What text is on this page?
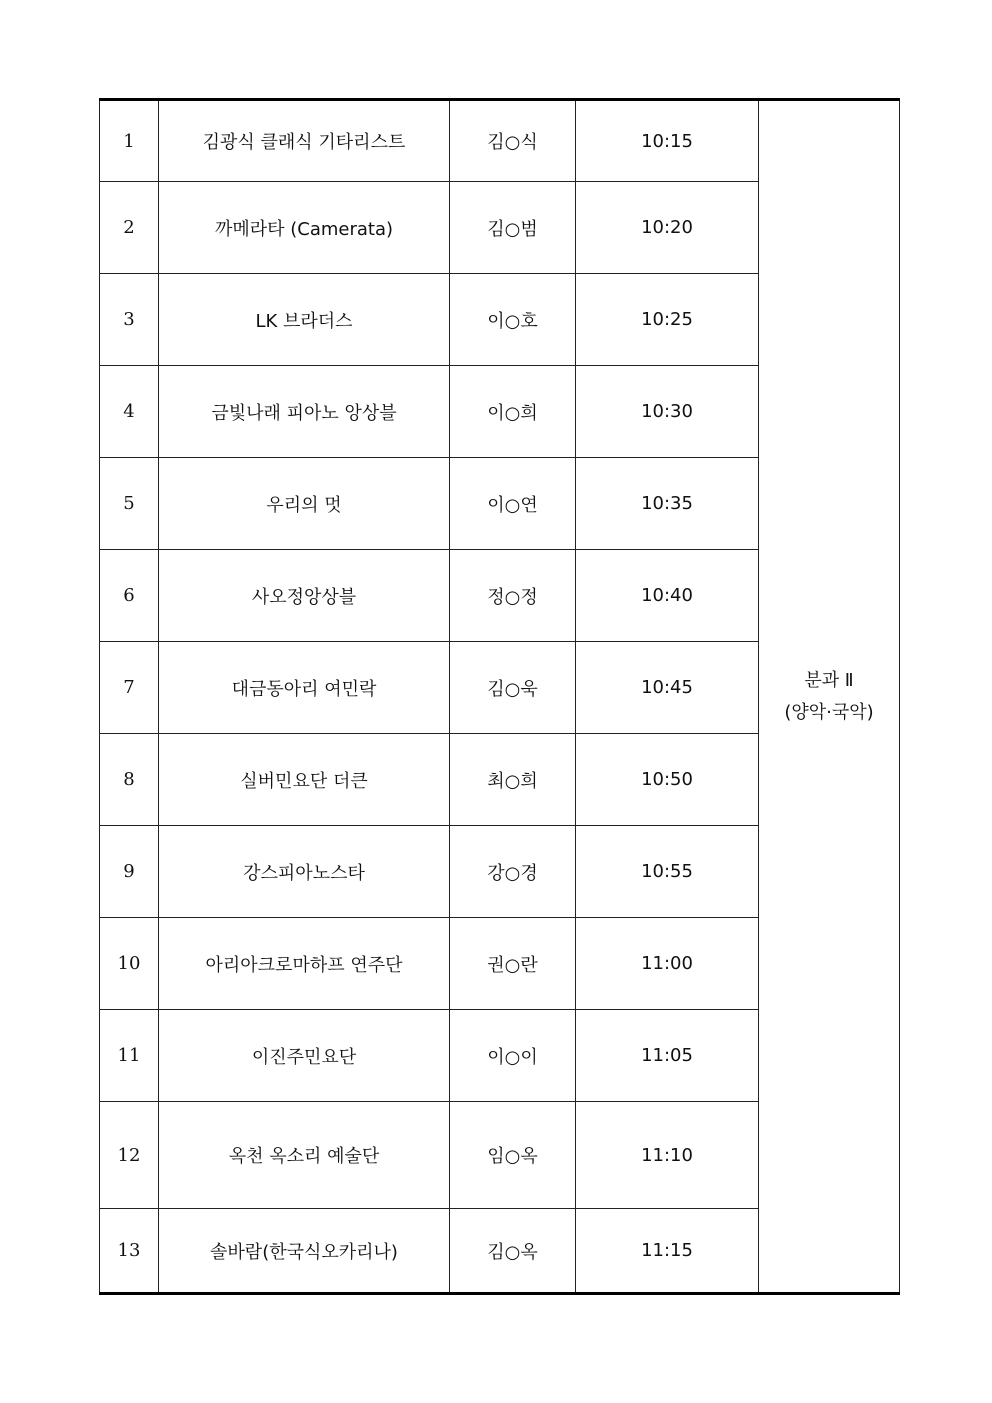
1	김광식 클래식 기타리스트	김○식	10:15	분과 Ⅱ
(양악·국악)

2	까메라타 (Camerata)	김○범	10:20	
3	LK 브라더스	이○호	10:25	
4	금빛나래 피아노 앙상블	이○희	10:30	
5	우리의 멋	이○연	10:35	
6	사오정앙상블	정○정	10:40	
7	대금동아리 여민락	김○욱	10:45	
8	실버민요단 더큰	최○희	10:50	
9	강스피아노스타	강○경	10:55	
10	아리아크로마하프 연주단	권○란	11:00	
11	이진주민요단	이○이	11:05	
12	옥천 옥소리 예술단	임○옥	11:10	
13	솔바람(한국식오카리나)	김○옥	11:15	
